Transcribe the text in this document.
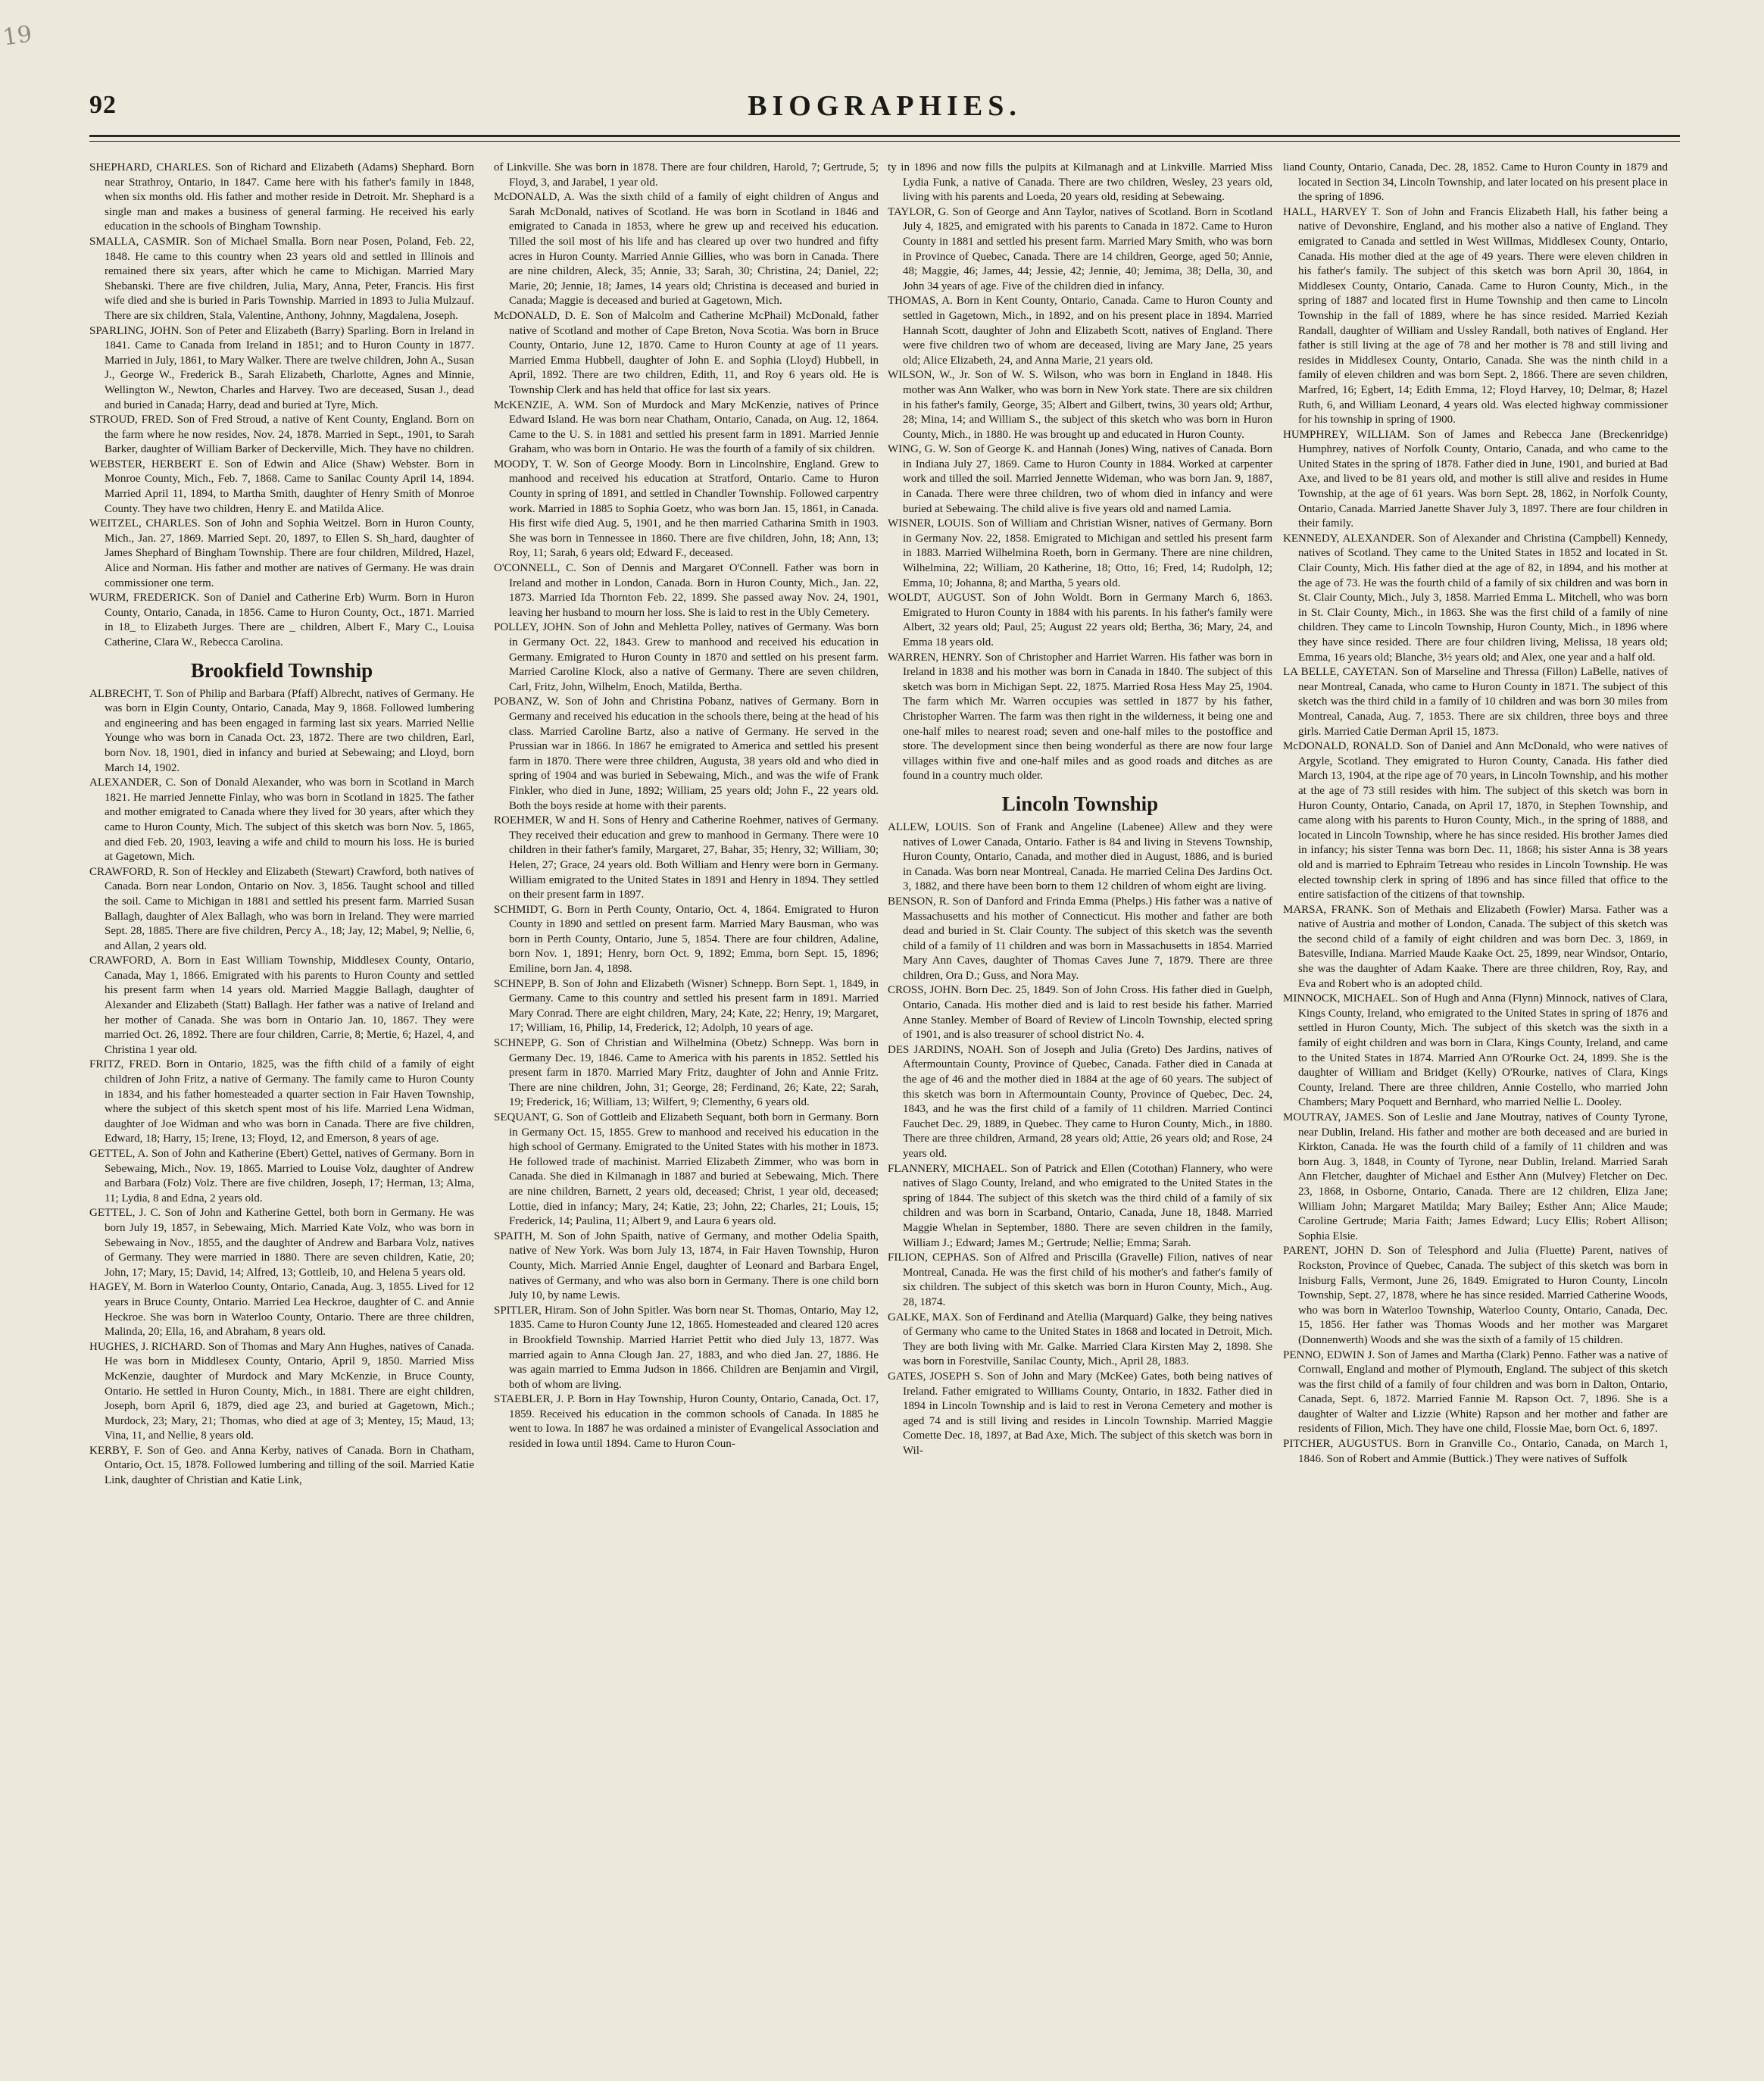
19
92	BIOGRAPHIES.

SHEPHARD, CHARLES. Son of Richard and Elizabeth (Adams) Shephard. Born near Strathroy, Ontario, in 1847. Came here with his father's family in 1848, when six months old. His father and mother reside in Detroit. Mr. Shephard is a single man and makes a business of general farming. He received his early education in the schools of Bingham Township.

SMALLA, CASMIR. Son of Michael Smalla. Born near Posen, Poland, Feb. 22, 1848. He came to this country when 23 years old and settled in Illinois and remained there six years, after which he came to Michigan. Married Mary Shebanski. There are five children, Julia, Mary, Anna, Peter, Francis. His first wife died and she is buried in Paris Township. Married in 1893 to Julia Mulzauf. There are six children, Stala, Valentine, Anthony, Johnny, Magdalena, Joseph.

SPARLING, JOHN. Son of Peter and Elizabeth (Barry) Sparling. Born in Ireland in 1841. Came to Canada from Ireland in 1851; and to Huron County in 1877. Married in July, 1861, to Mary Walker. There are twelve children, John A., Susan J., George W., Frederick B., Sarah Elizabeth, Charlotte, Agnes and Minnie, Wellington W., Newton, Charles and Harvey. Two are deceased, Susan J., dead and buried in Canada; Harry, dead and buried at Tyre, Mich.

STROUD, FRED. Son of Fred Stroud, a native of Kent County, England. Born on the farm where he now resides, Nov. 24, 1878. Married in Sept., 1901, to Sarah Barker, daughter of William Barker of Deckerville, Mich. They have no children.

WEBSTER, HERBERT E. Son of Edwin and Alice (Shaw) Webster. Born in Monroe County, Mich., Feb. 7, 1868. Came to Sanilac County April 14, 1894. Married April 11, 1894, to Martha Smith, daughter of Henry Smith of Monroe County. They have two children, Henry E. and Matilda Alice.

WEITZEL, CHARLES. Son of John and Sophia Weitzel. Born in Huron County, Mich., Jan. 27, 1869. Married Sept. 20, 1897, to Ellen S. Sh_hard, daughter of James Shephard of Bingham Township. There are four children, Mildred, Hazel, Alice and Norman. His father and mother are natives of Germany. He was drain commissioner one term.

WURM, FREDERICK. Son of Daniel and Catherine Erb) Wurm. Born in Huron County, Ontario, Canada, in 1856. Came to Huron County, Oct., 1871. Married in 18_ to Elizabeth Jurges. There are _ children, Albert F., Mary C., Louisa Catherine, Clara W., Rebecca Carolina.

Brookfield Township

ALBRECHT, T. Son of Philip and Barbara (Pfaff) Albrecht, natives of Germany. He was born in Elgin County, Ontario, Canada, May 9, 1868. Followed lumbering and engineering and has been engaged in farming last six years. Married Nellie Younge who was born in Canada Oct. 23, 1872. There are two children, Earl, born Nov. 18, 1901, died in infancy and buried at Sebewaing; and Lloyd, born March 14, 1902.

ALEXANDER, C. Son of Donald Alexander, who was born in Scotland in March 1821. He married Jennette Finlay, who was born in Scotland in 1825. The father and mother emigrated to Canada where they lived for 30 years, after which they came to Huron County, Mich. The subject of this sketch was born Nov. 5, 1865, and died Feb. 20, 1903, leaving a wife and child to mourn his loss. He is buried at Gagetown, Mich.

CRAWFORD, R. Son of Heckley and Elizabeth (Stewart) Crawford, both natives of Canada. Born near London, Ontario on Nov. 3, 1856. Taught school and tilled the soil. Came to Michigan in 1881 and settled his present farm. Married Susan Ballagh, daughter of Alex Ballagh, who was born in Ireland. They were married Sept. 28, 1885. There are five children, Percy A., 18; Jay, 12; Mabel, 9; Nellie, 6, and Allan, 2 years old.

CRAWFORD, A. Born in East William Township, Middlesex County, Ontario, Canada, May 1, 1866. Emigrated with his parents to Huron County and settled his present farm when 14 years old. Married Maggie Ballagh, daughter of Alexander and Elizabeth (Statt) Ballagh. Her father was a native of Ireland and her mother of Canada. She was born in Ontario Jan. 10, 1867. They were married Oct. 26, 1892. There are four children, Carrie, 8; Mertie, 6; Hazel, 4, and Christina 1 year old.

FRITZ, FRED. Born in Ontario, 1825, was the fifth child of a family of eight children of John Fritz, a native of Germany. The family came to Huron County in 1834, and his father homesteaded a quarter section in Fair Haven Township, where the subject of this sketch spent most of his life. Married Lena Widman, daughter of Joe Widman and who was born in Canada. There are five children, Edward, 18; Harry, 15; Irene, 13; Floyd, 12, and Emerson, 8 years of age.

GETTEL, A. Son of John and Katherine (Ebert) Gettel, natives of Germany. Born in Sebewaing, Mich., Nov. 19, 1865. Married to Louise Volz, daughter of Andrew and Barbara (Folz) Volz. There are five children, Joseph, 17; Herman, 13; Alma, 11; Lydia, 8 and Edna, 2 years old.

GETTEL, J. C. Son of John and Katherine Gettel, both born in Germany. He was born July 19, 1857, in Sebewaing, Mich. Married Kate Volz, who was born in Sebewaing in Nov., 1855, and the daughter of Andrew and Barbara Volz, natives of Germany. They were married in 1880. There are seven children, Katie, 20; John, 17; Mary, 15; David, 14; Alfred, 13; Gottleib, 10, and Helena 5 years old.

HAGEY, M. Born in Waterloo County, Ontario, Canada, Aug. 3, 1855. Lived for 12 years in Bruce County, Ontario. Married Lea Heckroe, daughter of C. and Annie Heckroe. She was born in Waterloo County, Ontario. There are three children, Malinda, 20; Ella, 16, and Abraham, 8 years old.

HUGHES, J. RICHARD. Son of Thomas and Mary Ann Hughes, natives of Canada. He was born in Middlesex County, Ontario, April 9, 1850. Married Miss McKenzie, daughter of Murdock and Mary McKenzie, in Bruce County, Ontario. He settled in Huron County, Mich., in 1881. There are eight children, Joseph, born April 6, 1879, died age 23, and buried at Gagetown, Mich.; Murdock, 23; Mary, 21; Thomas, who died at age of 3; Mentey, 15; Maud, 13; Vina, 11, and Nellie, 8 years old.

KERBY, F. Son of Geo. and Anna Kerby, natives of Canada. Born in Chatham, Ontario, Oct. 15, 1878. Followed lumbering and tilling of the soil. Married Katie Link, daughter of Christian and Katie Link,

of Linkville. She was born in 1878. There are four children, Harold, 7; Gertrude, 5; Floyd, 3, and Jarabel, 1 year old.

McDONALD, A. Was the sixth child of a family of eight children of Angus and Sarah McDonald, natives of Scotland. He was born in Scotland in 1846 and emigrated to Canada in 1853, where he grew up and received his education. Tilled the soil most of his life and has cleared up over two hundred and fifty acres in Huron County. Married Annie Gillies, who was born in Canada. There are nine children, Aleck, 35; Annie, 33; Sarah, 30; Christina, 24; Daniel, 22; Marie, 20; Jennie, 18; James, 14 years old; Christina is deceased and buried in Canada; Maggie is deceased and buried at Gagetown, Mich.

McDONALD, D. E. Son of Malcolm and Catherine McPhail) McDonald, father native of Scotland and mother of Cape Breton, Nova Scotia. Was born in Bruce County, Ontario, June 12, 1870. Came to Huron County at age of 11 years. Married Emma Hubbell, daughter of John E. and Sophia (Lloyd) Hubbell, in April, 1892. There are two children, Edith, 11, and Roy 6 years old. He is Township Clerk and has held that office for last six years.

McKENZIE, A. WM. Son of Murdock and Mary McKenzie, natives of Prince Edward Island. He was born near Chatham, Ontario, Canada, on Aug. 12, 1864. Came to the U. S. in 1881 and settled his present farm in 1891. Married Jennie Graham, who was born in Ontario. He was the fourth of a family of six children.

MOODY, T. W. Son of George Moody. Born in Lincolnshire, England. Grew to manhood and received his education at Stratford, Ontario. Came to Huron County in spring of 1891, and settled in Chandler Township. Followed carpentry work. Married in 1885 to Sophia Goetz, who was born Jan. 15, 1861, in Canada. His first wife died Aug. 5, 1901, and he then married Catharina Smith in 1903. She was born in Tennessee in 1860. There are five children, John, 18; Ann, 13; Roy, 11; Sarah, 6 years old; Edward F., deceased.

O'CONNELL, C. Son of Dennis and Margaret O'Connell. Father was born in Ireland and mother in London, Canada. Born in Huron County, Mich., Jan. 22, 1873. Married Ida Thornton Feb. 22, 1899. She passed away Nov. 24, 1901, leaving her husband to mourn her loss. She is laid to rest in the Ubly Cemetery.

POLLEY, JOHN. Son of John and Mehletta Polley, natives of Germany. Was born in Germany Oct. 22, 1843. Grew to manhood and received his education in Germany. Emigrated to Huron County in 1870 and settled on his present farm. Married Caroline Klock, also a native of Germany. There are seven children, Carl, Fritz, John, Wilhelm, Enoch, Matilda, Bertha.

POBANZ, W. Son of John and Christina Pobanz, natives of Germany. Born in Germany and received his education in the schools there, being at the head of his class. Married Caroline Bartz, also a native of Germany. He served in the Prussian war in 1866. In 1867 he emigrated to America and settled his present farm in 1870. There were three children, Augusta, 38 years old and who died in spring of 1904 and was buried in Sebewaing, Mich., and was the wife of Frank Finkler, who died in June, 1892; William, 25 years old; John F., 22 years old. Both the boys reside at home with their parents.

ROEHMER, W and H. Sons of Henry and Catherine Roehmer, natives of Germany. They received their education and grew to manhood in Germany. There were 10 children in their father's family, Margaret, 27, Bahar, 35; Henry, 32; William, 30; Helen, 27; Grace, 24 years old. Both William and Henry were born in Germany. William emigrated to the United States in 1891 and Henry in 1894. They settled on their present farm in 1897.

SCHMIDT, G. Born in Perth County, Ontario, Oct. 4, 1864. Emigrated to Huron County in 1890 and settled on present farm. Married Mary Bausman, who was born in Perth County, Ontario, June 5, 1854. There are four children, Adaline, born Nov. 1, 1891; Henry, born Oct. 9, 1892; Emma, born Sept. 15, 1896; Emiline, born Jan. 4, 1898.

SCHNEPP, B. Son of John and Elizabeth (Wisner) Schnepp. Born Sept. 1, 1849, in Germany. Came to this country and settled his present farm in 1891. Married Mary Conrad. There are eight children, Mary, 24; Kate, 22; Henry, 19; Margaret, 17; William, 16, Philip, 14, Frederick, 12; Adolph, 10 years of age.

SCHNEPP, G. Son of Christian and Wilhelmina (Obetz) Schnepp. Was born in Germany Dec. 19, 1846. Came to America with his parents in 1852. Settled his present farm in 1870. Married Mary Fritz, daughter of John and Annie Fritz. There are nine children, John, 31; George, 28; Ferdinand, 26; Kate, 22; Sarah, 19; Frederick, 16; William, 13; Wilfert, 9; Clementhy, 6 years old.

SEQUANT, G. Son of Gottleib and Elizabeth Sequant, both born in Germany. Born in Germany Oct. 15, 1855. Grew to manhood and received his education in the high school of Germany. Emigrated to the United States with his mother in 1873. He followed trade of machinist. Married Elizabeth Zimmer, who was born in Canada. She died in Kilmanagh in 1887 and buried at Sebewaing, Mich. There are nine children, Barnett, 2 years old, deceased; Christ, 1 year old, deceased; Lottie, died in infancy; Mary, 24; Katie, 23; John, 22; Charles, 21; Louis, 15; Frederick, 14; Paulina, 11; Albert 9, and Laura 6 years old.

SPAITH, M. Son of John Spaith, native of Germany, and mother Odelia Spaith, native of New York. Was born July 13, 1874, in Fair Haven Township, Huron County, Mich. Married Annie Engel, daughter of Leonard and Barbara Engel, natives of Germany, and who was also born in Germany. There is one child born July 10, by name Lewis.

SPITLER, Hiram. Son of John Spitler. Was born near St. Thomas, Ontario, May 12, 1835. Came to Huron County June 12, 1865. Homesteaded and cleared 120 acres in Brookfield Township. Married Harriet Pettit who died July 13, 1877. Was married again to Anna Clough Jan. 27, 1883, and who died Jan. 27, 1886. He was again married to Emma Judson in 1866. Children are Benjamin and Virgil, both of whom are living.

STAEBLER, J. P. Born in Hay Township, Huron County, Ontario, Canada, Oct. 17, 1859. Received his education in the common schools of Canada. In 1885 he went to Iowa. In 1887 he was ordained a minister of Evangelical Association and resided in Iowa until 1894. Came to Huron Coun-

ty in 1896 and now fills the pulpits at Kilmanagh and at Linkville. Married Miss Lydia Funk, a native of Canada. There are two children, Wesley, 23 years old, living with his parents and Loeda, 20 years old, residing at Sebewaing.

TAYLOR, G. Son of George and Ann Taylor, natives of Scotland. Born in Scotland July 4, 1825, and emigrated with his parents to Canada in 1872. Came to Huron County in 1881 and settled his present farm. Married Mary Smith, who was born in Province of Quebec, Canada. There are 14 children, George, aged 50; Annie, 48; Maggie, 46; James, 44; Jessie, 42; Jennie, 40; Jemima, 38; Della, 30, and John 34 years of age. Five of the children died in infancy.

THOMAS, A. Born in Kent County, Ontario, Canada. Came to Huron County and settled in Gagetown, Mich., in 1892, and on his present place in 1894. Married Hannah Scott, daughter of John and Elizabeth Scott, natives of England. There were five children two of whom are deceased, living are Mary Jane, 25 years old; Alice Elizabeth, 24, and Anna Marie, 21 years old.

WILSON, W., Jr. Son of W. S. Wilson, who was born in England in 1848. His mother was Ann Walker, who was born in New York state. There are six children in his father's family, George, 35; Albert and Gilbert, twins, 30 years old; Arthur, 28; Mina, 14; and William S., the subject of this sketch who was born in Huron County, Mich., in 1880. He was brought up and educated in Huron County.

WING, G. W. Son of George K. and Hannah (Jones) Wing, natives of Canada. Born in Indiana July 27, 1869. Came to Huron County in 1884. Worked at carpenter work and tilled the soil. Married Jennette Wideman, who was born Jan. 9, 1887, in Canada. There were three children, two of whom died in infancy and were buried at Sebewaing. The child alive is five years old and named Lamia.

WISNER, LOUIS. Son of William and Christian Wisner, natives of Germany. Born in Germany Nov. 22, 1858. Emigrated to Michigan and settled his present farm in 1883. Married Wilhelmina Roeth, born in Germany. There are nine children, Wilhelmina, 22; William, 20 Katherine, 18; Otto, 16; Fred, 14; Rudolph, 12; Emma, 10; Johanna, 8; and Martha, 5 years old.

WOLDT, AUGUST. Son of John Woldt. Born in Germany March 6, 1863. Emigrated to Huron County in 1884 with his parents. In his father's family were Albert, 32 years old; Paul, 25; August 22 years old; Bertha, 36; Mary, 24, and Emma 18 years old.

WARREN, HENRY. Son of Christopher and Harriet Warren. His father was born in Ireland in 1838 and his mother was born in Canada in 1840. The subject of this sketch was born in Michigan Sept. 22, 1875. Married Rosa Hess May 25, 1904. The farm which Mr. Warren occupies was settled in 1877 by his father, Christopher Warren. The farm was then right in the wilderness, it being one and one-half miles to nearest road; seven and one-half miles to the postoffice and store. The development since then being wonderful as there are now four large villages within five and one-half miles and as good roads and ditches as are found in a country much older.

Lincoln Township

ALLEW, LOUIS. Son of Frank and Angeline (Labenee) Allew and they were natives of Lower Canada, Ontario. Father is 84 and living in Stevens Township, Huron County, Ontario, Canada, and mother died in August, 1886, and is buried in Canada. Was born near Montreal, Canada. He married Celina Des Jardins Oct. 3, 1882, and there have been born to them 12 children of whom eight are living.

BENSON, R. Son of Danford and Frinda Emma (Phelps.) His father was a native of Massachusetts and his mother of Connecticut. His mother and father are both dead and buried in St. Clair County. The subject of this sketch was the seventh child of a family of 11 children and was born in Massachusetts in 1854. Married Mary Ann Caves, daughter of Thomas Caves June 7, 1879. There are three children, Ora D.; Guss, and Nora May.

CROSS, JOHN. Born Dec. 25, 1849. Son of John Cross. His father died in Guelph, Ontario, Canada. His mother died and is laid to rest beside his father. Married Anne Stanley. Member of Board of Review of Lincoln Township, elected spring of 1901, and is also treasurer of school district No. 4.

DES JARDINS, NOAH. Son of Joseph and Julia (Greto) Des Jardins, natives of Aftermountain County, Province of Quebec, Canada. Father died in Canada at the age of 46 and the mother died in 1884 at the age of 60 years. The subject of this sketch was born in Aftermountain County, Province of Quebec, Dec. 24, 1843, and he was the first child of a family of 11 children. Married Continci Fauchet Dec. 29, 1889, in Quebec. They came to Huron County, Mich., in 1880. There are three children, Armand, 28 years old; Attie, 26 years old; and Rose, 24 years old.

FLANNERY, MICHAEL. Son of Patrick and Ellen (Cotothan) Flannery, who were natives of Slago County, Ireland, and who emigrated to the United States in the spring of 1844. The subject of this sketch was the third child of a family of six children and was born in Scarband, Ontario, Canada, June 18, 1848. Married Maggie Whelan in September, 1880. There are seven children in the family, William J.; Edward; James M.; Gertrude; Nellie; Emma; Sarah.

FILION, CEPHAS. Son of Alfred and Priscilla (Gravelle) Filion, natives of near Montreal, Canada. He was the first child of his mother's and father's family of six children. The subject of this sketch was born in Huron County, Mich., Aug. 28, 1874.

GALKE, MAX. Son of Ferdinand and Atellia (Marquard) Galke, they being natives of Germany who came to the United States in 1868 and located in Detroit, Mich. They are both living with Mr. Galke. Married Clara Kirsten May 2, 1898. She was born in Forestville, Sanilac County, Mich., April 28, 1883.

GATES, JOSEPH S. Son of John and Mary (McKee) Gates, both being natives of Ireland. Father emigrated to Williams County, Ontario, in 1832. Father died in 1894 in Lincoln Township and is laid to rest in Verona Cemetery and mother is aged 74 and is still living and resides in Lincoln Township. Married Maggie Comette Dec. 18, 1897, at Bad Axe, Mich. The subject of this sketch was born in Wil-

liand County, Ontario, Canada, Dec. 28, 1852. Came to Huron County in 1879 and located in Section 34, Lincoln Township, and later located on his present place in the spring of 1896.

HALL, HARVEY T. Son of John and Francis Elizabeth Hall, his father being a native of Devonshire, England, and his mother also a native of England. They emigrated to Canada and settled in West Willmas, Middlesex County, Ontario, Canada. His mother died at the age of 49 years. There were eleven children in his father's family. The subject of this sketch was born April 30, 1864, in Middlesex County, Ontario, Canada. Came to Huron County, Mich., in the spring of 1887 and located first in Hume Township and then came to Lincoln Township in the fall of 1889, where he has since resided. Married Keziah Randall, daughter of William and Ussley Randall, both natives of England. Her father is still living at the age of 78 and her mother is 78 and still living and resides in Middlesex County, Ontario, Canada. She was the ninth child in a family of eleven children and was born Sept. 2, 1866. There are seven children, Marfred, 16; Egbert, 14; Edith Emma, 12; Floyd Harvey, 10; Delmar, 8; Hazel Ruth, 6, and William Leonard, 4 years old. Was elected highway commissioner for his township in spring of 1900.

HUMPHREY, WILLIAM. Son of James and Rebecca Jane (Breckenridge) Humphrey, natives of Norfolk County, Ontario, Canada, and who came to the United States in the spring of 1878. Father died in June, 1901, and buried at Bad Axe, and lived to be 81 years old, and mother is still alive and resides in Hume Township, at the age of 61 years. Was born Sept. 28, 1862, in Norfolk County, Ontario, Canada. Married Janette Shaver July 3, 1897. There are four children in their family.

KENNEDY, ALEXANDER. Son of Alexander and Christina (Campbell) Kennedy, natives of Scotland. They came to the United States in 1852 and located in St. Clair County, Mich. His father died at the age of 82, in 1894, and his mother at the age of 73. He was the fourth child of a family of six children and was born in St. Clair County, Mich., July 3, 1858. Married Emma L. Mitchell, who was born in St. Clair County, Mich., in 1863. She was the first child of a family of nine children. They came to Lincoln Township, Huron County, Mich., in 1896 where they have since resided. There are four children living, Melissa, 18 years old; Emma, 16 years old; Blanche, 3½ years old; and Alex, one year and a half old.

LA BELLE, CAYETAN. Son of Marseline and Thressa (Fillon) LaBelle, natives of near Montreal, Canada, who came to Huron County in 1871. The subject of this sketch was the third child in a family of 10 children and was born 30 miles from Montreal, Canada, Aug. 7, 1853. There are six children, three boys and three girls. Married Catie Derman April 15, 1873.

McDONALD, RONALD. Son of Daniel and Ann McDonald, who were natives of Argyle, Scotland. They emigrated to Huron County, Canada. His father died March 13, 1904, at the ripe age of 70 years, in Lincoln Township, and his mother at the age of 73 still resides with him. The subject of this sketch was born in Huron County, Ontario, Canada, on April 17, 1870, in Stephen Township, and came along with his parents to Huron County, Mich., in the spring of 1888, and located in Lincoln Township, where he has since resided. His brother James died in infancy; his sister Tenna was born Dec. 11, 1868; his sister Anna is 38 years old and is married to Ephraim Tetreau who resides in Lincoln Township. He was elected township clerk in spring of 1896 and has since filled that office to the entire satisfaction of the citizens of that township.

MARSA, FRANK. Son of Methais and Elizabeth (Fowler) Marsa. Father was a native of Austria and mother of London, Canada. The subject of this sketch was the second child of a family of eight children and was born Dec. 3, 1869, in Batesville, Indiana. Married Maude Kaake Oct. 25, 1899, near Windsor, Ontario, she was the daughter of Adam Kaake. There are three children, Roy, Ray, and Eva and Robert who is an adopted child.

MINNOCK, MICHAEL. Son of Hugh and Anna (Flynn) Minnock, natives of Clara, Kings County, Ireland, who emigrated to the United States in spring of 1876 and settled in Huron County, Mich. The subject of this sketch was the sixth in a family of eight children and was born in Clara, Kings County, Ireland, and came to the United States in 1874. Married Ann O'Rourke Oct. 24, 1899. She is the daughter of William and Bridget (Kelly) O'Rourke, natives of Clara, Kings County, Ireland. There are three children, Annie Costello, who married John Chambers; Mary Poquett and Bernhard, who married Nellie L. Dooley.

MOUTRAY, JAMES. Son of Leslie and Jane Moutray, natives of County Tyrone, near Dublin, Ireland. His father and mother are both deceased and are buried in Kirkton, Canada. He was the fourth child of a family of 11 children and was born Aug. 3, 1848, in County of Tyrone, near Dublin, Ireland. Married Sarah Ann Fletcher, daughter of Michael and Esther Ann (Mulvey) Fletcher on Dec. 23, 1868, in Osborne, Ontario, Canada. There are 12 children, Eliza Jane; William John; Margaret Matilda; Mary Bailey; Esther Ann; Alice Maude; Caroline Gertrude; Maria Faith; James Edward; Lucy Ellis; Robert Allison; Sophia Elsie.

PARENT, JOHN D. Son of Telesphord and Julia (Fluette) Parent, natives of Rockston, Province of Quebec, Canada. The subject of this sketch was born in Inisburg Falls, Vermont, June 26, 1849. Emigrated to Huron County, Lincoln Township, Sept. 27, 1878, where he has since resided. Married Catherine Woods, who was born in Waterloo Township, Waterloo County, Ontario, Canada, Dec. 15, 1856. Her father was Thomas Woods and her mother was Margaret (Donnenwerth) Woods and she was the sixth of a family of 15 children.

PENNO, EDWIN J. Son of James and Martha (Clark) Penno. Father was a native of Cornwall, England and mother of Plymouth, England. The subject of this sketch was the first child of a family of four children and was born in Dalton, Ontario, Canada, Sept. 6, 1872. Married Fannie M. Rapson Oct. 7, 1896. She is a daughter of Walter and Lizzie (White) Rapson and her mother and father are residents of Filion, Mich. They have one child, Flossie Mae, born Oct. 6, 1897.

PITCHER, AUGUSTUS. Born in Granville Co., Ontario, Canada, on March 1, 1846. Son of Robert and Ammie (Buttick.) They were natives of Suffolk
